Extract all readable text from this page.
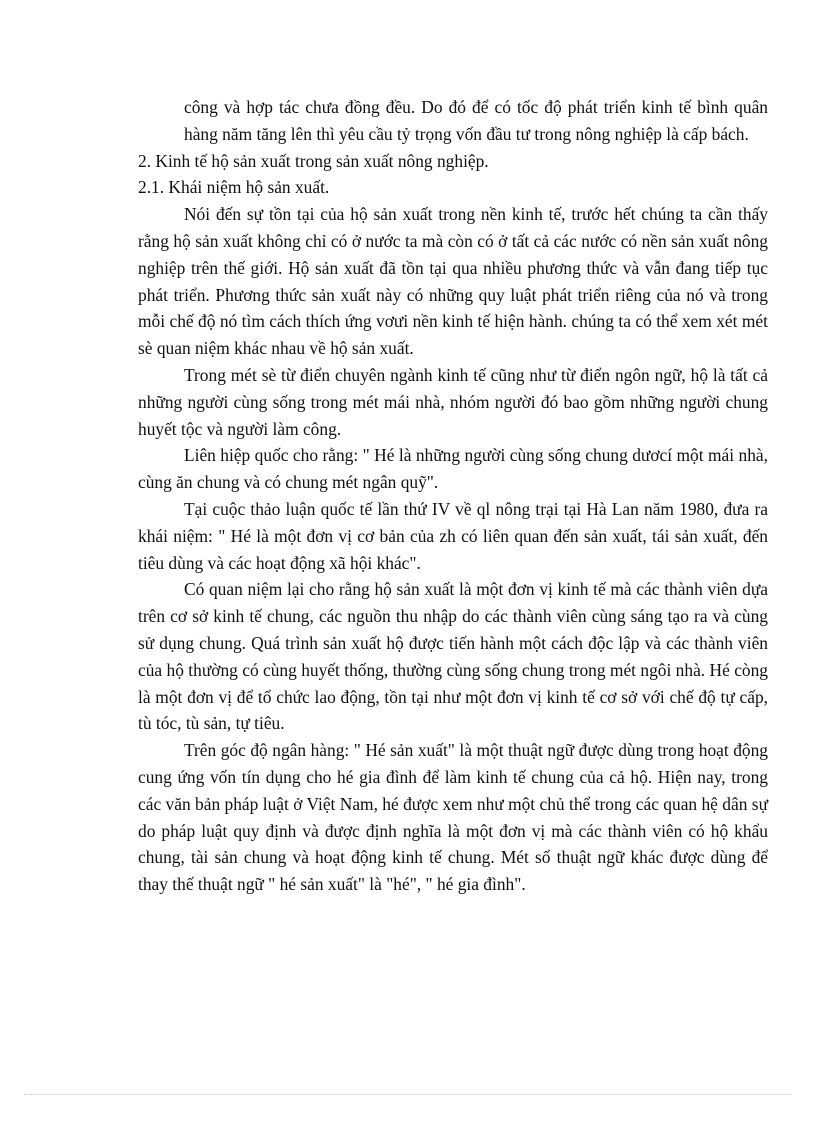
công và hợp tác chưa đồng đều. Do đó để có tốc độ phát triển kinh tế bình quân hàng năm tăng lên thì yêu cầu tỷ trọng vốn đầu tư trong nông nghiệp là cấp bách.

2. Kinh tế hộ sản xuất trong sản xuất nông nghiệp.

2.1. Khái niệm hộ sản xuất.

Nói đến sự tồn tại của hộ sản xuất trong nền kinh tế, trước hết chúng ta cần thấy rằng hộ sản xuất không chỉ có ở nước ta mà còn có ở tất cả các nước có nền sản xuất nông nghiệp trên thế giới. Hộ sản xuất đã tồn tại qua nhiều phương thức và vẫn đang tiếp tục phát triển. Phương thức sản xuất này có những quy luật phát triển riêng của nó và trong mỗi chế độ nó tìm cách thích ứng vơưi nền kinh tế hiện hành. chúng ta có thể xem xét mét sè quan niệm khác nhau về hộ sản xuất.

Trong mét sè từ điển chuyên ngành kinh tế cũng như từ điển ngôn ngữ, hộ là tất cả những người cùng sống trong mét mái nhà, nhóm người đó bao gồm những người chung huyết tộc và người làm công.

Liên hiệp quốc cho rằng: " Hé là những người cùng sống chung dươcí một mái nhà, cùng ăn chung và có chung mét ngân quỹ".

Tại cuộc thảo luận quốc tế lần thứ IV về ql nông trại tại Hà Lan năm 1980, đưa ra khái niệm: " Hé là một đơn vị cơ bản của zh có liên quan đến sản xuất, tái sản xuất, đến tiêu dùng và các hoạt động xã hội khác".

Có quan niệm lại cho rằng hộ sản xuất là một đơn vị kinh tế mà các thành viên dựa trên cơ sở kinh tế chung, các nguồn thu nhập do các thành viên cùng sáng tạo ra và cùng sử dụng chung. Quá trình sản xuất hộ được tiến hành một cách độc lập và các thành viên của hộ thường có cùng huyết thống, thường cùng sống chung trong mét ngôi nhà. Hé còng là một đơn vị để tổ chức lao động, tồn tại như một đơn vị kinh tế cơ sở với chế độ tự cấp, tù tóc, tù sản, tự tiêu.

Trên góc độ ngân hàng: " Hé sản xuất" là một thuật ngữ được dùng trong hoạt động cung ứng vốn tín dụng cho hé gia đình để làm kinh tế chung của cả hộ. Hiện nay, trong các văn bản pháp luật ở Việt Nam, hé được xem như một chủ thể trong các quan hệ dân sự do pháp luật quy định và được định nghĩa là một đơn vị mà các thành viên có hộ khẩu chung, tài sản chung và hoạt động kinh tế chung. Mét số thuật ngữ khác được dùng để thay thế thuật ngữ " hé sản xuất" là "hé", " hé gia đình".
